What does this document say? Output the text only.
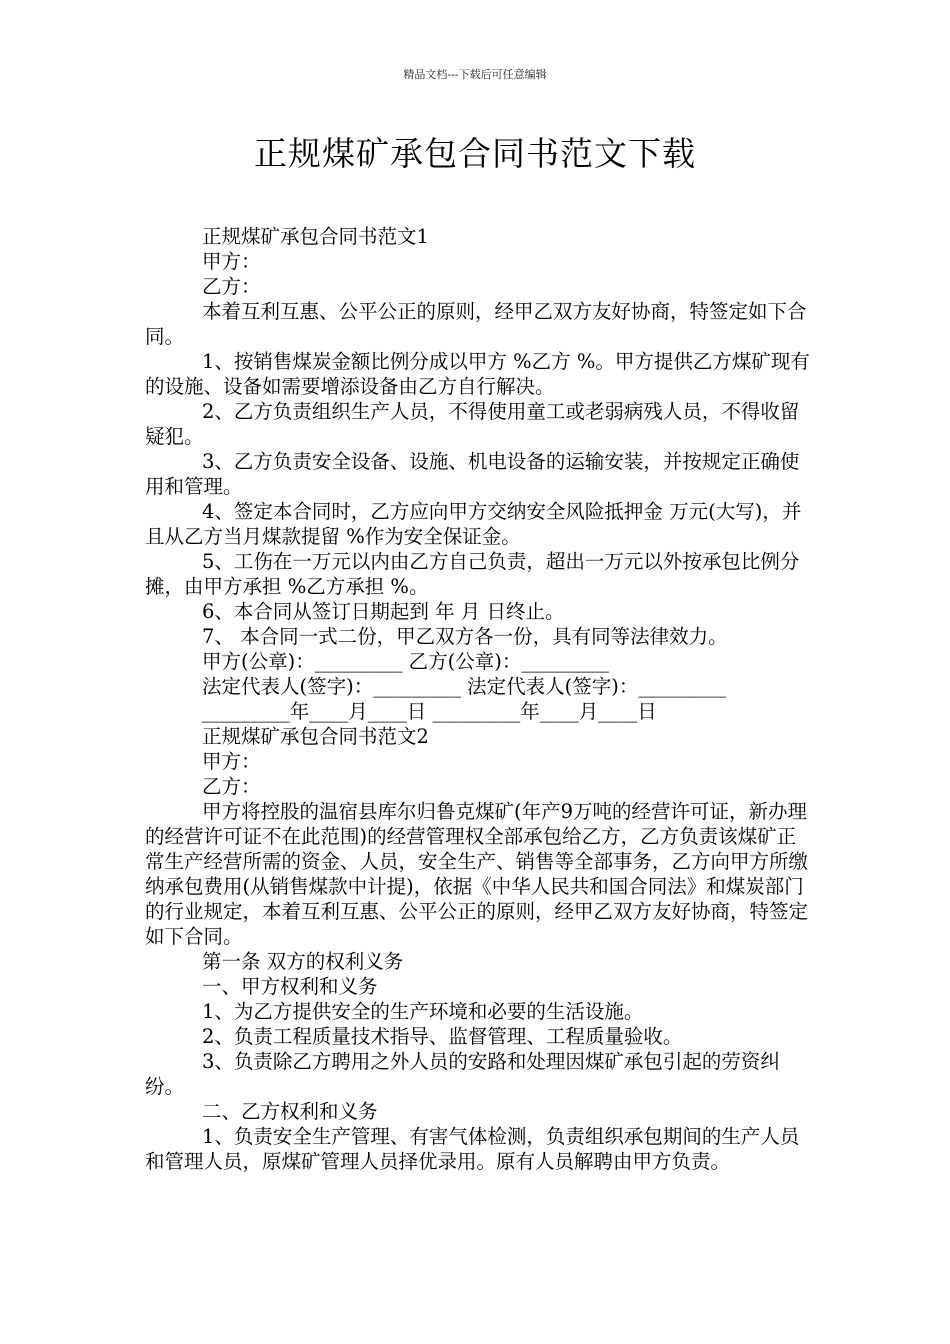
精品文档---下载后可任意编辑
正规煤矿承包合同书范文下载

正规煤矿承包合同书范文1

甲方：

乙方：

本着互利互惠、公平公正的原则，经甲乙双方友好协商，特签定如下合同。

1、按销售煤炭金额比例分成以甲方 %乙方 %。甲方提供乙方煤矿现有的设施、设备如需要增添设备由乙方自行解决。

2、乙方负责组织生产人员，不得使用童工或老弱病残人员，不得收留疑犯。

3、乙方负责安全设备、设施、机电设备的运输安装，并按规定正确使用和管理。

4、签定本合同时，乙方应向甲方交纳安全风险抵押金 万元(大写)，并且从乙方当月煤款提留 %作为安全保证金。

5、工伤在一万元以内由乙方自己负责，超出一万元以外按承包比例分摊，由甲方承担 %乙方承担 %。

6、本合同从签订日期起到 年 月 日终止。

7、 本合同一式二份，甲乙双方各一份，具有同等法律效力。

甲方(公章)：_________ 乙方(公章)：_________

法定代表人(签字)：_________ 法定代表人(签字)：_________

_________年____月____日 _________年____月____日

正规煤矿承包合同书范文2

甲方：

乙方：

甲方将控股的温宿县库尔归鲁克煤矿(年产9万吨的经营许可证，新办理的经营许可证不在此范围)的经营管理权全部承包给乙方，乙方负责该煤矿正常生产经营所需的资金、人员，安全生产、销售等全部事务，乙方向甲方所缴纳承包费用(从销售煤款中计提)，依据《中华人民共和国合同法》和煤炭部门的行业规定，本着互利互惠、公平公正的原则，经甲乙双方友好协商，特签定如下合同。

第一条 双方的权利义务

一、甲方权利和义务

1、为乙方提供安全的生产环境和必要的生活设施。

2、负责工程质量技术指导、监督管理、工程质量验收。

3、负责除乙方聘用之外人员的安路和处理因煤矿承包引起的劳资纠纷。

二、乙方权利和义务

1、负责安全生产管理、有害气体检测，负责组织承包期间的生产人员和管理人员，原煤矿管理人员择优录用。原有人员解聘由甲方负责。
